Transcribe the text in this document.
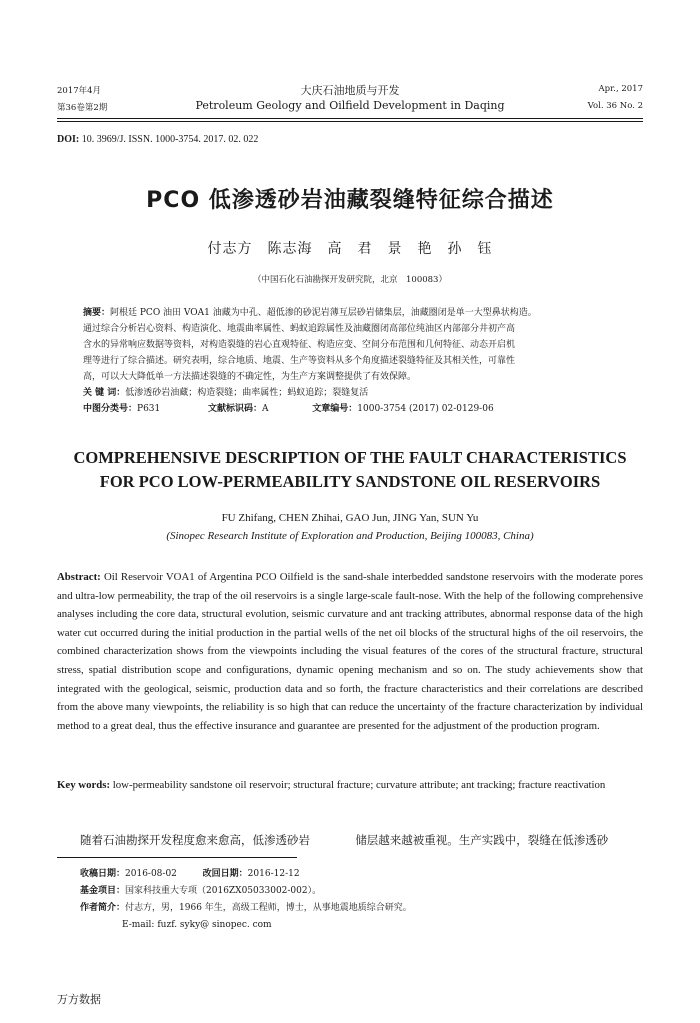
2017年4月
第36卷第2期
大庆石油地质与开发
Petroleum Geology and Oilfield Development in Daqing
Apr., 2017
Vol. 36 No. 2
DOI: 10. 3969/J. ISSN. 1000-3754. 2017. 02. 022
PCO 低渗透砂岩油藏裂缝特征综合描述
付志方　陈志海　高　君　景　艳　孙　钰
（中国石化石油勘探开发研究院，北京　100083）
摘要：阿根廷 PCO 油田 VOA1 油藏为中孔、超低渗的砂泥岩薄互层砂岩储集层，油藏圈闭是单一大型鼻状构造。
通过综合分析岩心资料、构造演化、地震曲率属性、蚂蚁追踪属性及油藏圈闭高部位纯油区内部部分井初产高
含水的异常响应数据等资料，对构造裂缝的岩心直观特征、构造应变、空间分布范围和几何特征、动态开启机
理等进行了综合描述。研究表明，综合地质、地震、生产等资料从多个角度描述裂缝特征及其相关性，可靠性
高，可以大大降低单一方法描述裂缝的不确定性，为生产方案调整提供了有效保障。
关 键 词：低渗透砂岩油藏；构造裂缝；曲率属性；蚂蚁追踪；裂缝复活
中图分类号：P631	文献标识码：A	文章编号：1000-3754 (2017) 02-0129-06
COMPREHENSIVE DESCRIPTION OF THE FAULT CHARACTERISTICS
FOR PCO LOW-PERMEABILITY SANDSTONE OIL RESERVOIRS
FU Zhifang, CHEN Zhihai, GAO Jun, JING Yan, SUN Yu
(Sinopec Research Institute of Exploration and Production, Beijing 100083, China)
Abstract: Oil Reservoir VOA1 of Argentina PCO Oilfield is the sand-shale interbedded sandstone reservoirs with the moderate pores and ultra-low permeability, the trap of the oil reservoirs is a single large-scale fault-nose. With the help of the following comprehensive analyses including the core data, structural evolution, seismic curvature and ant tracking attributes, abnormal response data of the high water cut occurred during the initial production in the partial wells of the net oil blocks of the structural highs of the oil reservoirs, the combined characterization shows from the viewpoints including the visual features of the cores of the structural fracture, structural stress, spatial distribution scope and configurations, dynamic opening mechanism and so on. The study achievements show that integrated with the geological, seismic, production data and so forth, the fracture characteristics and their correlations are described from the above many viewpoints, the reliability is so high that can reduce the uncertainty of the fracture characterization by individual method to a great deal, thus the effective insurance and guarantee are presented for the adjustment of the production program.
Key words: low-permeability sandstone oil reservoir; structural fracture; curvature attribute; ant tracking; fracture reactivation
随着石油勘探开发程度愈来愈高，低渗透砂岩	储层越来越被重视。生产实践中，裂缝在低渗透砂
收稿日期：2016-08-02	改回日期：2016-12-12
基金项目：国家科技重大专项（2016ZX05033002-002）。
作者简介：付志方，男，1966 年生，高级工程师，博士，从事地震地质综合研究。
E-mail: fuzf. syky@ sinopec. com
万方数据
